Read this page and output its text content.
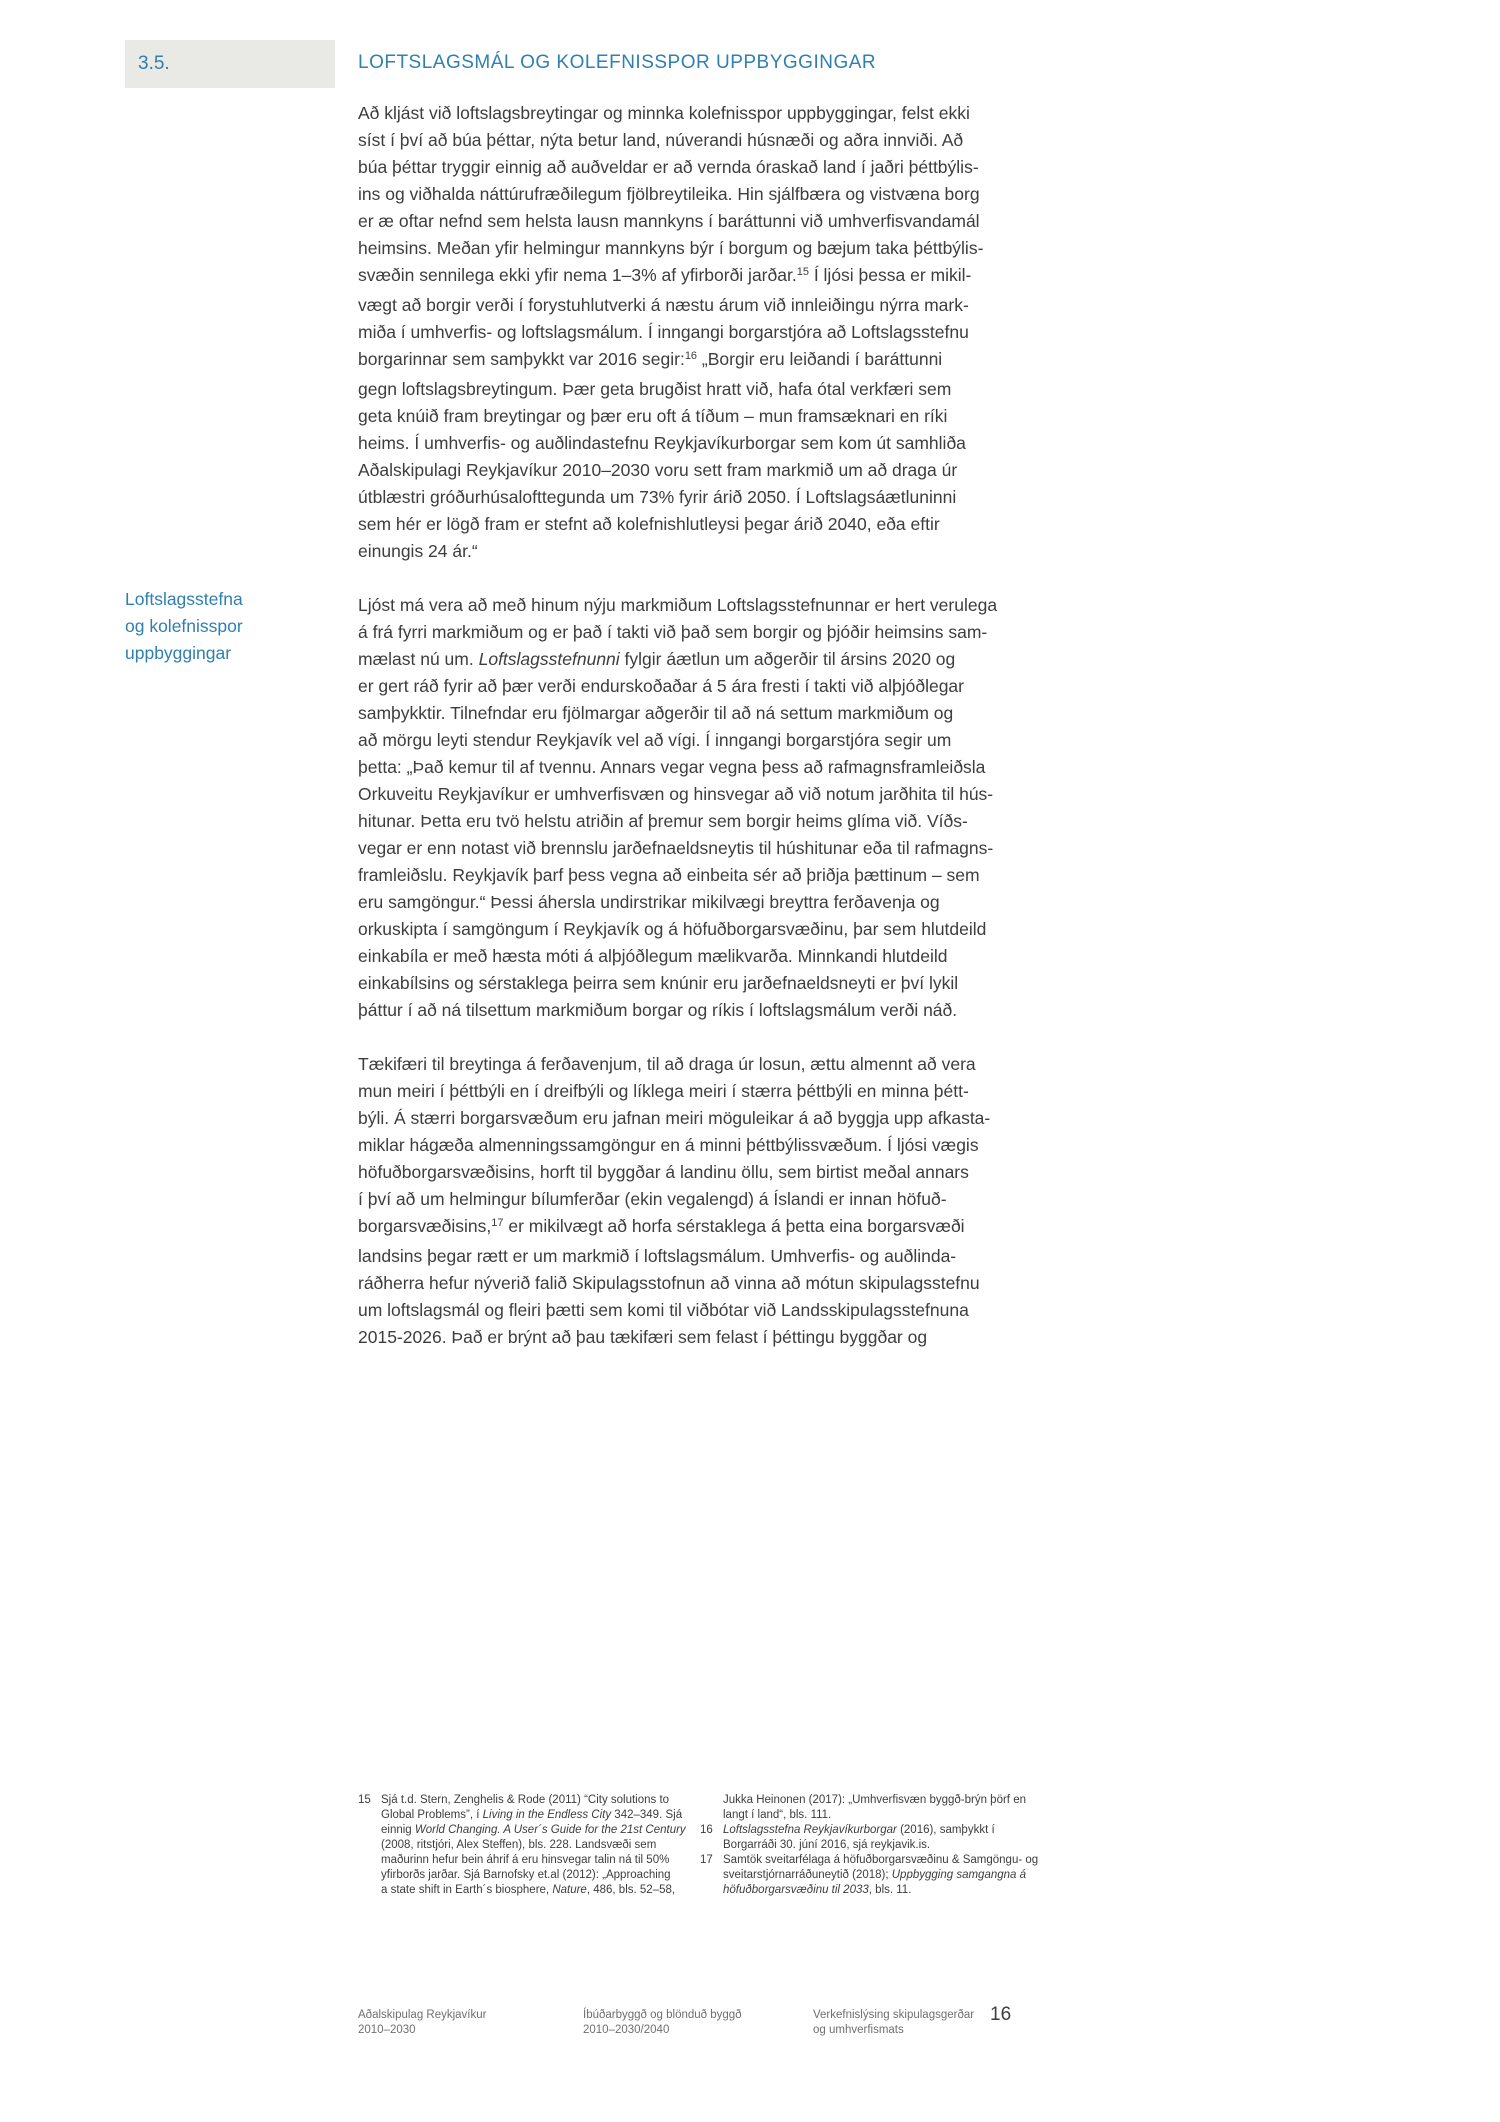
3.5.	LOFTSLAGSMÁL OG KOLEFNISSPOR UPPBYGGINGAR
Loftslagsstefna
og kolefnisspor
uppbyggingar

Að kljást við loftslagsbreytingar og minnka kolefnisspor uppbyggingar, felst ekki
síst í því að búa þéttar, nýta betur land, núverandi húsnæði og aðra innviði. Að
búa þéttar tryggir einnig að auðveldar er að vernda óraskað land í jaðri þéttbýlis-
ins og viðhalda náttúrufræðilegum fjölbreytileika. Hin sjálfbæra og vistvæna borg
er æ oftar nefnd sem helsta lausn mannkyns í baráttunni við umhverfisvandamál
heimsins. Meðan yfir helmingur mannkyns býr í borgum og bæjum taka þéttbýlis-
svæðin sennilega ekki yfir nema 1–3% af yfirborði jarðar.$^{15}$ Í ljósi þessa er mikil-
vægt að borgir verði í forystuhlutverki á næstu árum við innleiðingu nýrra mark-
miða í umhverfis- og loftslagsmálum. Í inngangi borgarstjóra að Loftslagsstefnu
borgarinnar sem samþykkt var 2016 segir:$^{16}$ „Borgir eru leiðandi í baráttunni
gegn loftslagsbreytingum. Þær geta brugðist hratt við, hafa ótal verkfæri sem
geta knúið fram breytingar og þær eru oft á tíðum – mun framsæknari en ríki
heims. Í umhverfis- og auðlindastefnu Reykjavíkurborgar sem kom út samhliða
Aðalskipulagi Reykjavíkur 2010–2030 voru sett fram markmið um að draga úr
útblæstri gróðurhúsalofttegunda um 73% fyrir árið 2050. Í Loftslagsáætluninni
sem hér er lögð fram er stefnt að kolefnishlutleysi þegar árið 2040, eða eftir
einungis 24 ár.“

Ljóst má vera að með hinum nýju markmiðum Loftslagsstefnunnar er hert verulega
á frá fyrri markmiðum og er það í takti við það sem borgir og þjóðir heimsins sam-
mælast nú um. Loftslagsstefnunni fylgir áætlun um aðgerðir til ársins 2020 og
er gert ráð fyrir að þær verði endurskoðaðar á 5 ára fresti í takti við alþjóðlegar
samþykktir. Tilnefndar eru fjölmargar aðgerðir til að ná settum markmiðum og
að mörgu leyti stendur Reykjavík vel að vígi. Í inngangi borgarstjóra segir um
þetta: „Það kemur til af tvennu. Annars vegar vegna þess að rafmagnsframleiðsla
Orkuveitu Reykjavíkur er umhverfisvæn og hinsvegar að við notum jarðhita til hús-
hitunar. Þetta eru tvö helstu atriðin af þremur sem borgir heims glíma við. Víðs-
vegar er enn notast við brennslu jarðefnaeldsneytis til húshitunar eða til rafmagns-
framleiðslu. Reykjavík þarf þess vegna að einbeita sér að þriðja þættinum – sem
eru samgöngur.“ Þessi áhersla undirstrikar mikilvægi breyttra ferðavenja og
orkuskipta í samgöngum í Reykjavík og á höfuðborgarsvæðinu, þar sem hlutdeild
einkabíla er með hæsta móti á alþjóðlegum mælikvarða. Minnkandi hlutdeild
einkabílsins og sérstaklega þeirra sem knúnir eru jarðefnaeldsneyti er því lykil
þáttur í að ná tilsettum markmiðum borgar og ríkis í loftslagsmálum verði náð.

Tækifæri til breytinga á ferðavenjum, til að draga úr losun, ættu almennt að vera
mun meiri í þéttbýli en í dreifbýli og líklega meiri í stærra þéttbýli en minna þétt-
býli. Á stærri borgarsvæðum eru jafnan meiri möguleikar á að byggja upp afkasta-
miklar hágæða almenningssamgöngur en á minni þéttbýlissvæðum. Í ljósi vægis
höfuðborgarsvæðisins, horft til byggðar á landinu öllu, sem birtist meðal annars
í því að um helmingur bílumferðar (ekin vegalengd) á Íslandi er innan höfuð-
borgarsvæðisins,$^{17}$ er mikilvægt að horfa sérstaklega á þetta eina borgarsvæði
landsins þegar rætt er um markmið í loftslagsmálum. Umhverfis- og auðlinda-
ráðherra hefur nýverið falið Skipulagsstofnun að vinna að mótun skipulagsstefnu
um loftslagsmál og fleiri þætti sem komi til viðbótar við Landsskipulagsstefnuna
2015-2026. Það er brýnt að þau tækifæri sem felast í þéttingu byggðar og

15 Sjá t.d. Stern, Zenghelis & Rode (2011) “City solutions to
Global Problems”, í Living in the Endless City 342–349. Sjá
einnig World Changing. A User´s Guide for the 21st Century
(2008, ritstjóri, Alex Steffen), bls. 228. Landsvæði sem
maðurinn hefur bein áhrif á eru hinsvegar talin ná til 50%
yfirborðs jarðar. Sjá Barnofsky et.al (2012): „Approaching
a state shift in Earth´s biosphere, Nature, 486, bls. 52–58,
Jukka Heinonen (2017): „Umhverfisvæn byggð-brýn þörf en
langt í land“, bls. 111.
16 Loftslagsstefna Reykjavíkurborgar (2016), samþykkt í
Borgarráði 30. júní 2016, sjá reykjavik.is.
17 Samtök sveitarfélaga á höfuðborgarsvæðinu & Samgöngu- og
sveitarstjórnarráðuneytið (2018); Uppbygging samgangna á
höfuðborgarsvæðinu til 2033, bls. 11.
Aðalskipulag Reykjavíkur
2010–2030
Íbúðarbyggð og blönduð byggð
2010–2030/2040
Verkefnislýsing skipulagsgerðar
og umhverfismats
16
